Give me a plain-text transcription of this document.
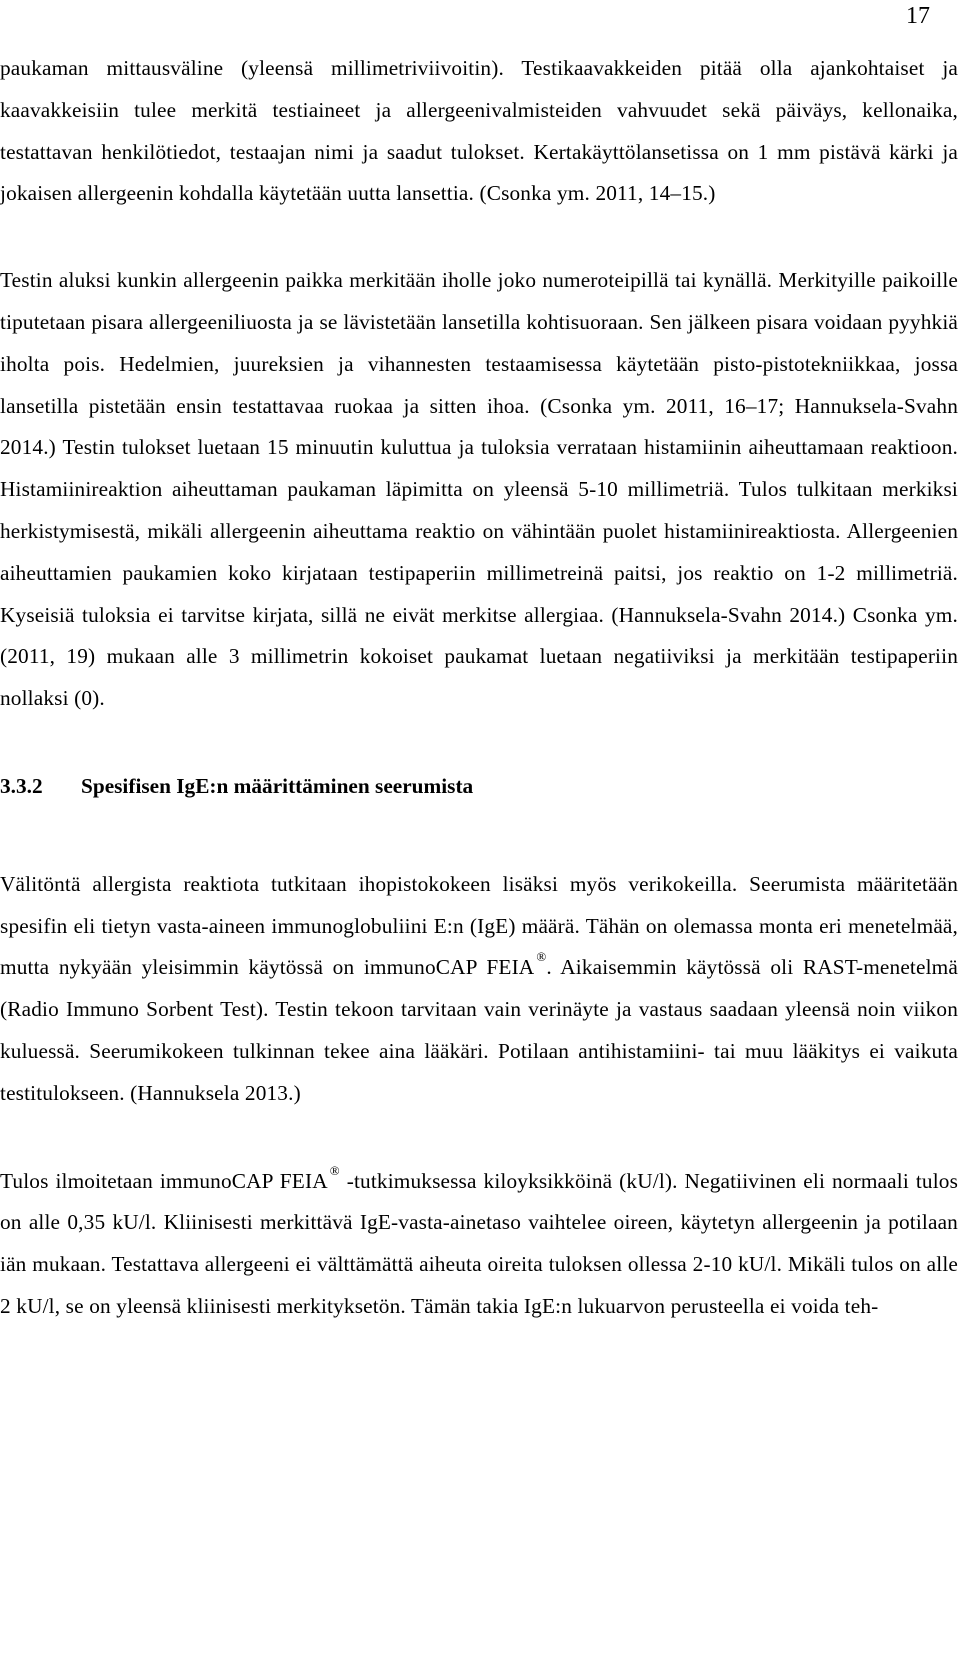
17

paukaman mittausväline (yleensä millimetriviivoitin). Testikaavakkeiden pitää olla ajankohtaiset ja kaavakkeisiin tulee merkitä testiaineet ja allergeenivalmisteiden vahvuudet sekä päiväys, kellonaika, testattavan henkilötiedot, testaajan nimi ja saadut tulokset. Kertakäyttölansetissa on 1 mm pistävä kärki ja jokaisen allergeenin kohdalla käytetään uutta lansettia. (Csonka ym. 2011, 14–15.)

Testin aluksi kunkin allergeenin paikka merkitään iholle joko numeroteipillä tai kynällä. Merkityille paikoille tiputetaan pisara allergeeniliuosta ja se lävistetään lansetilla kohtisuoraan. Sen jälkeen pisara voidaan pyyhkiä iholta pois. Hedelmien, juureksien ja vihannesten testaamisessa käytetään pisto-pistotekniikkaa, jossa lansetilla pistetään ensin testattavaa ruokaa ja sitten ihoa. (Csonka ym. 2011, 16–17; Hannuksela-Svahn 2014.) Testin tulokset luetaan 15 minuutin kuluttua ja tuloksia verrataan histamiinin aiheuttamaan reaktioon. Histamiinireaktion aiheuttaman paukaman läpimitta on yleensä 5-10 millimetriä. Tulos tulkitaan merkiksi herkistymisestä, mikäli allergeenin aiheuttama reaktio on vähintään puolet histamiinireaktiosta. Allergeenien aiheuttamien paukamien koko kirjataan testipaperiin millimetreinä paitsi, jos reaktio on 1-2 millimetriä. Kyseisiä tuloksia ei tarvitse kirjata, sillä ne eivät merkitse allergiaa. (Hannuksela-Svahn 2014.) Csonka ym. (2011, 19) mukaan alle 3 millimetrin kokoiset paukamat luetaan negatiiviksi ja merkitään testipaperiin nollaksi (0).

3.3.2 Spesifisen IgE:n määrittäminen seerumista

Välitöntä allergista reaktiota tutkitaan ihopistokokeen lisäksi myös verikokeilla. Seerumista määritetään spesifin eli tietyn vasta-aineen immunoglobuliini E:n (IgE) määrä. Tähän on olemassa monta eri menetelmää, mutta nykyään yleisimmin käytössä on immunoCAP FEIA ®. Aikaisemmin käytössä oli RAST-menetelmä (Radio Immuno Sorbent Test). Testin tekoon tarvitaan vain verinäyte ja vastaus saadaan yleensä noin viikon kuluessä. Seerumikokeen tulkinnan tekee aina lääkäri. Potilaan antihistamiini- tai muu lääkitys ei vaikuta testitulokseen. (Hannuksela 2013.)

Tulos ilmoitetaan immunoCAP FEIA ® -tutkimuksessa kiloyksikköinä (kU/l). Negatiivinen eli normaali tulos on alle 0,35 kU/l. Kliinisesti merkittävä IgE-vasta-ainetaso vaihtelee oireen, käytetyn allergeenin ja potilaan iän mukaan. Testattava allergeeni ei välttämättä aiheuta oireita tuloksen ollessa 2-10 kU/l. Mikäli tulos on alle 2 kU/l, se on yleensä kliinisesti merkityksetön. Tämän takia IgE:n lukuarvon perusteella ei voida teh-
